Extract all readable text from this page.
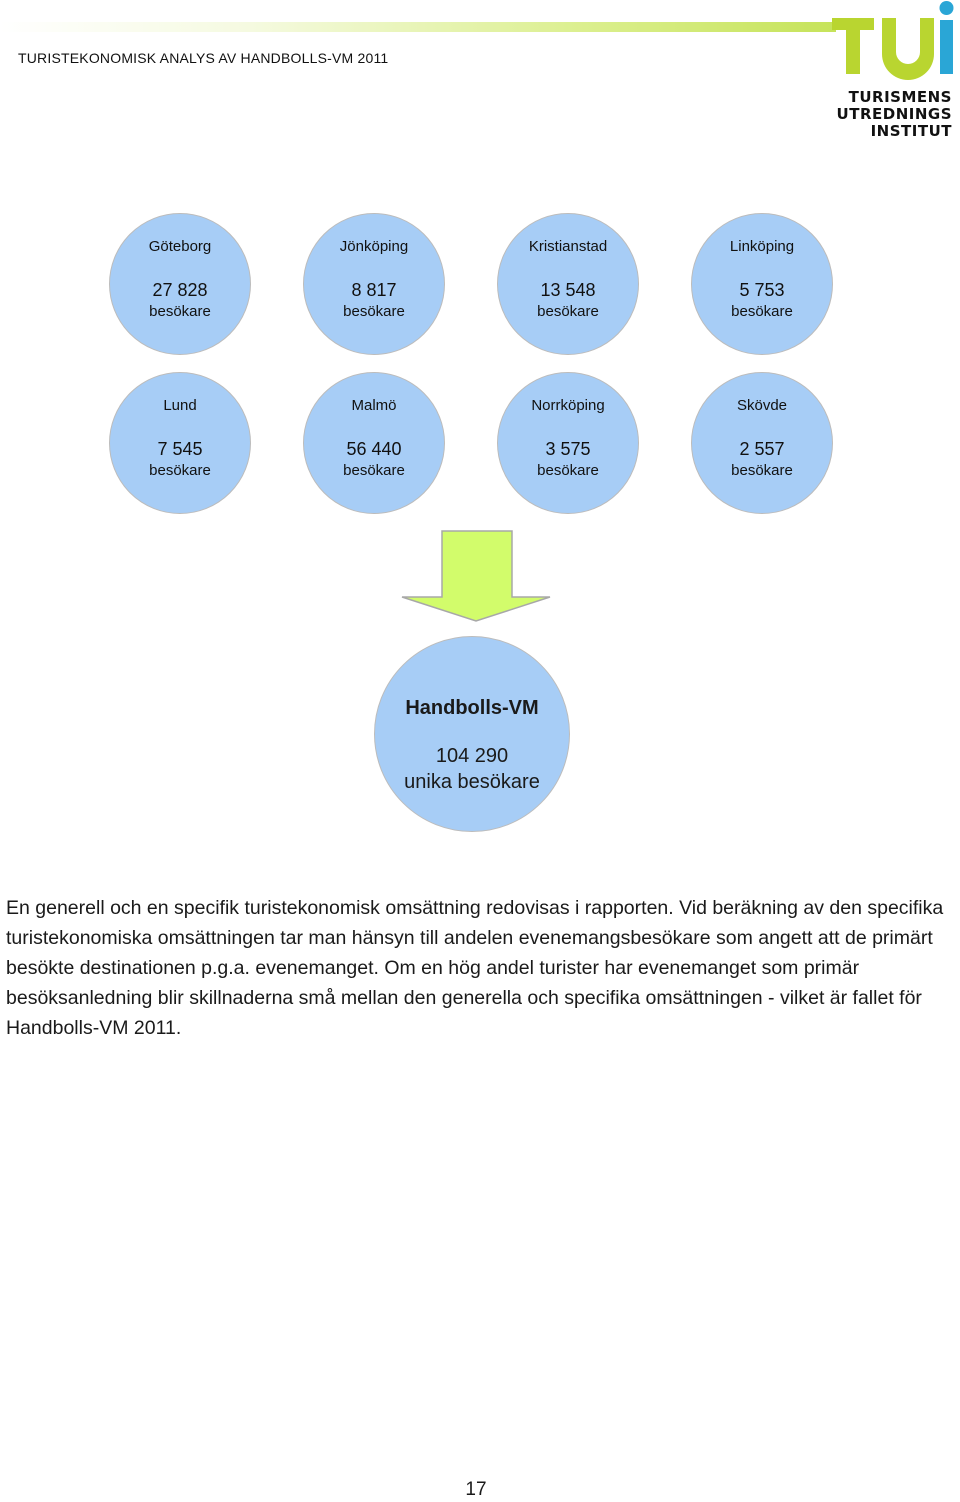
TURISTEKONOMISK ANALYS AV HANDBOLLS-VM 2011
TURISMENS
UTREDNINGS
INSTITUT
Göteborg
27 828
besökare
Jönköping
8 817
besökare
Kristianstad
13 548
besökare
Linköping
5 753
besökare
Lund
7 545
besökare
Malmö
56 440
besökare
Norrköping
3 575
besökare
Skövde
2 557
besökare
Handbolls-VM
104 290
unika besökare
En generell och en specifik turistekonomisk omsättning redovisas i rapporten. Vid beräkning av den specifika turistekonomiska omsättningen tar man hänsyn till andelen evenemangsbesökare som angett att de primärt besökte destinationen p.g.a. evenemanget. Om en hög andel turister har evenemanget som primär besöksanledning blir skillnaderna små mellan den generella och specifika omsättningen - vilket är fallet för Handbolls-VM 2011.
17
